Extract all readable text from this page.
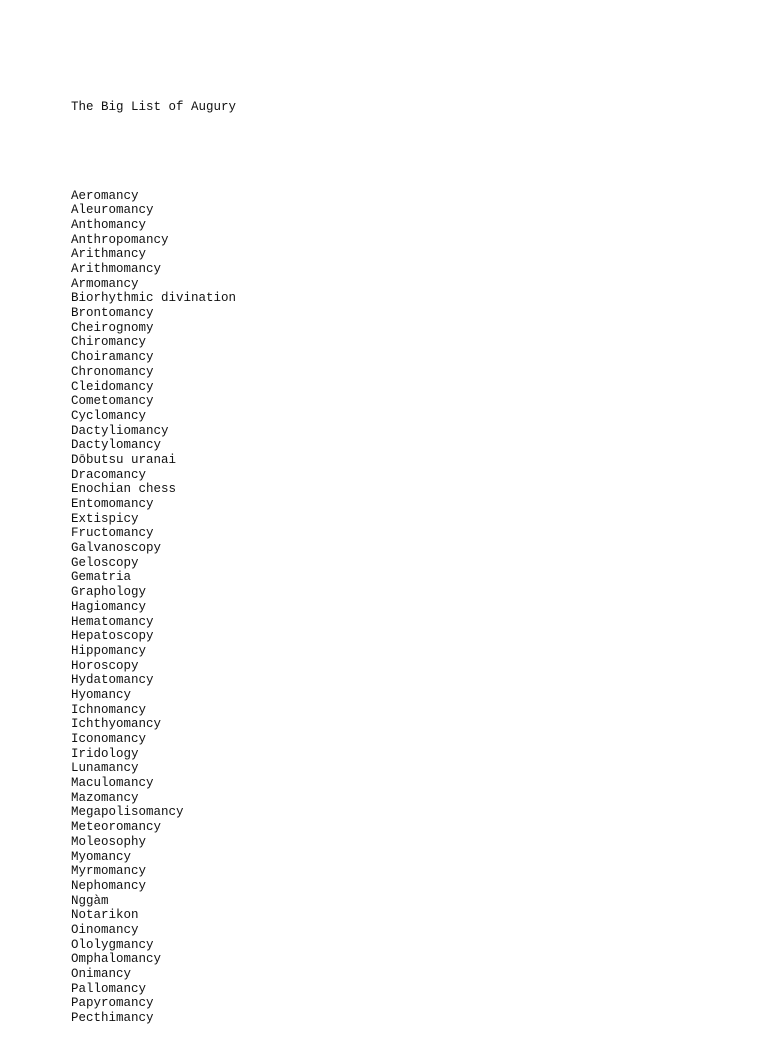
The Big List of Augury

Aeromancy
Aleuromancy
Anthomancy
Anthropomancy
Arithmancy
Arithmomancy
Armomancy
Biorhythmic divination
Brontomancy
Cheirognomy
Chiromancy
Choiramancy
Chronomancy
Cleidomancy
Cometomancy
Cyclomancy
Dactyliomancy
Dactylomancy
Dōbutsu uranai
Dracomancy
Enochian chess
Entomomancy
Extispicy
Fructomancy
Galvanoscopy
Geloscopy
Gematria
Graphology
Hagiomancy
Hematomancy
Hepatoscopy
Hippomancy
Horoscopy
Hydatomancy
Hyomancy
Ichnomancy
Ichthyomancy
Iconomancy
Iridology
Lunamancy
Maculomancy
Mazomancy
Megapolisomancy
Meteoromancy
Moleosophy
Myomancy
Myrmomancy
Nephomancy
Nggàm
Notarikon
Oinomancy
Ololygmancy
Omphalomancy
Onimancy
Pallomancy
Papyromancy
Pecthimancy
